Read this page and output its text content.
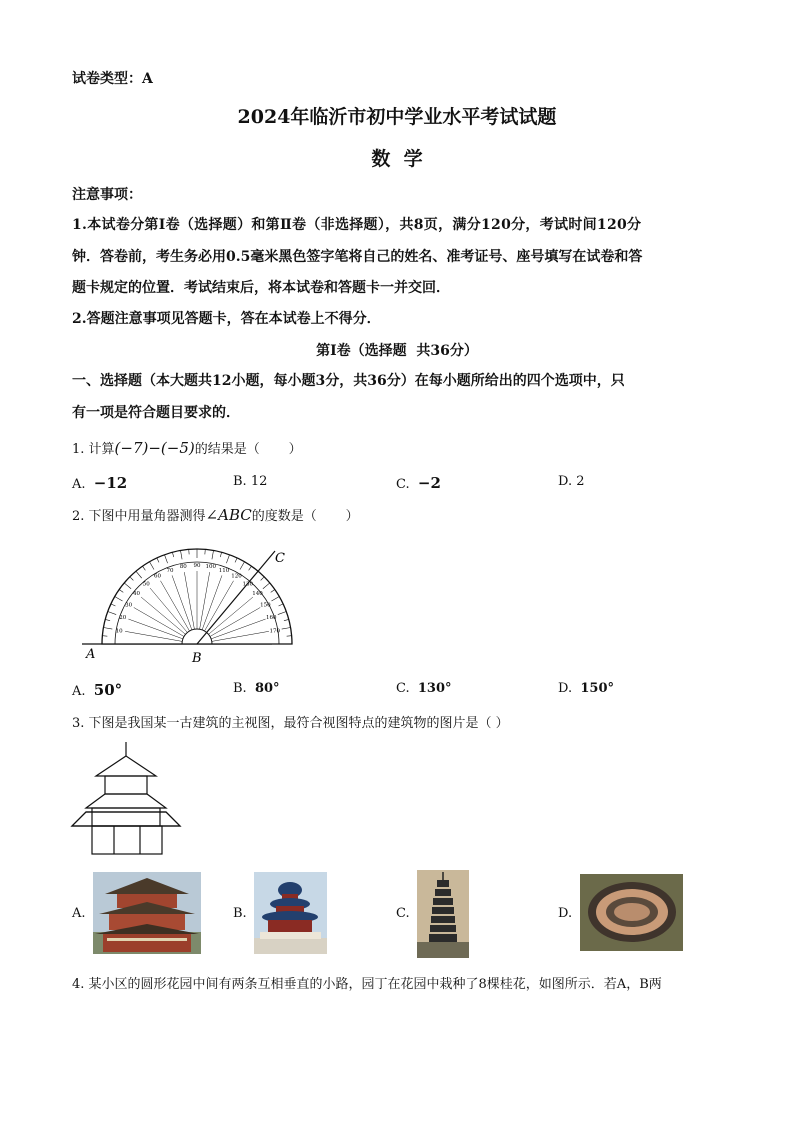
试卷类型：A
2024年临沂市初中学业水平考试试题
数  学
注意事项：
1.本试卷分第Ⅰ卷（选择题）和第Ⅱ卷（非选择题），共8页，满分120分，考试时间120分
钟．答卷前，考生务必用0.5毫米黑色签字笔将自己的姓名、准考证号、座号填写在试卷和答
题卡规定的位置．考试结束后，将本试卷和答题卡一并交回．
2.答题注意事项见答题卡，答在本试卷上不得分．
第Ⅰ卷（选择题  共36分）
一、选择题（本大题共12小题，每小题3分，共36分）在每小题所给出的四个选项中，只
有一项是符合题目要求的．
1. 计算(−7)−(−5)的结果是（       ）
A. −12	B. 12	C. −2	D. 2
2. 下图中用量角器测得∠ABC的度数是（       ）
10
20
30
40
50
60
70
80 90 100
110
120
130
140
150
160
170
A	B
C
A. 50°	B. 80°	C. 130°	D. 150°
3. 下图是我国某一古建筑的主视图，最符合视图特点的建筑物的图片是（ ）
A.	B.	C.	D.
4. 某小区的圆形花园中间有两条互相垂直的小路，园丁在花园中栽种了8棵桂花，如图所示．若A，B两
